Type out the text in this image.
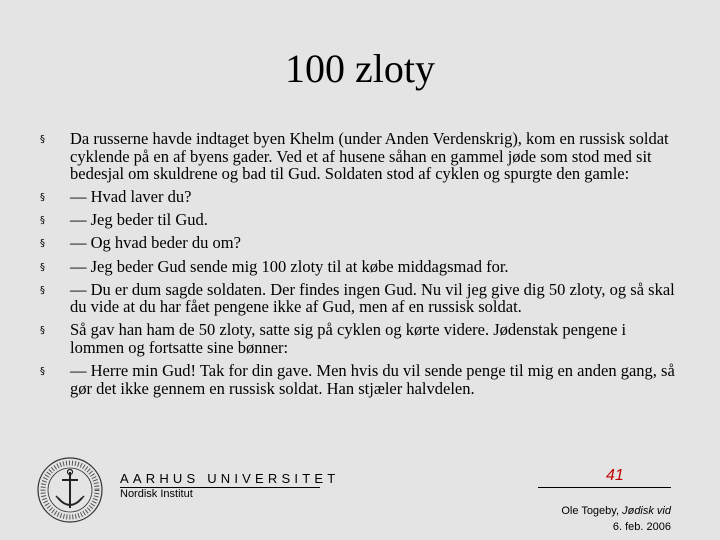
100 zloty
§ Da russerne havde indtaget byen Khelm (under Anden Verdenskrig), kom en russisk soldat cyklende på en af byens gader. Ved et af husene såhan en gammel jøde som stod med sit bedesjal om skuldrene og bad til Gud. Soldaten stod af cyklen og spurgte den gamle:
§ — Hvad laver du?
§ — Jeg beder til Gud.
§ — Og hvad beder du om?
§ — Jeg beder Gud sende mig 100 zloty til at købe middagsmad for.
§ — Du er dum sagde soldaten. Der findes ingen Gud. Nu vil jeg give dig 50 zloty, og så skal du vide at du har fået pengene ikke af Gud, men af en russisk soldat.
§ Så gav han ham de 50 zloty, satte sig på cyklen og kørte videre. Jødenstak pengene i lommen og fortsatte sine bønner:
§ — Herre min Gud! Tak for din gave. Men hvis du vil sende penge til mig en anden gang, så gør det ikke gennem en russisk soldat. Han stjæler halvdelen.
AARHUS UNIVERSITET
Nordisk Institut
41
Ole Togeby, Jødisk vid
6. feb. 2006
